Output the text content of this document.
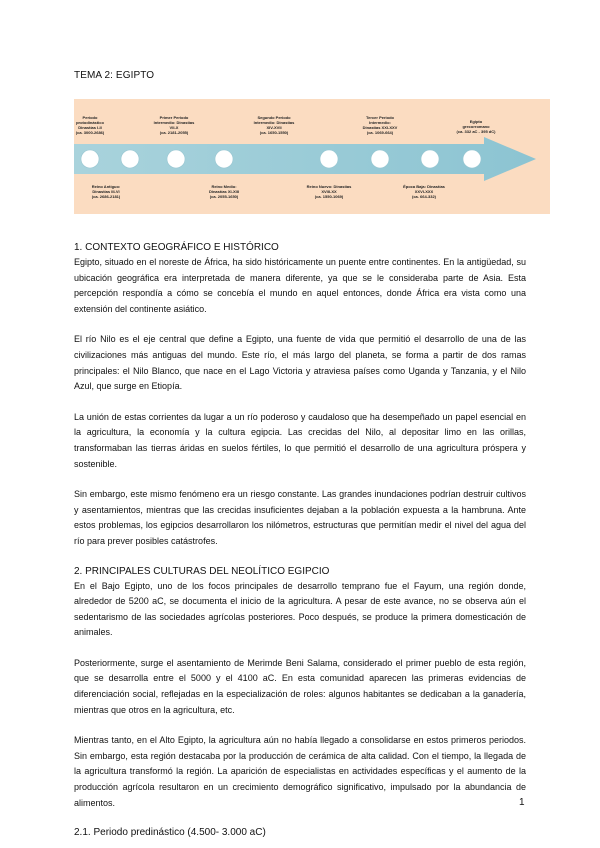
TEMA 2: EGIPTO
Periodo
protodinástico
Dinastías I-II
(ca. 3000-2686)
Primer Periodo
Intermedio: Dinastías
VII-X
(ca. 2181-2055)
Segundo Periodo
Intermedio: Dinastías
XIV-XVII
(ca. 1650-1550)
Tercer Periodo
Intermedio:
Dinastías XXI-XXV
(ca. 1069-664)
Egipto
grecorromano
(ca. 332 aC - 395 dC)
Reino Antiguo:
Dinastías III-VI
(ca. 2686-2181)
Reino Medio:
Dinastías XI-XIII
(ca. 2055-1650)
Reino Nuevo: Dinastías
XVIII-XX
(ca. 1550-1069)
Época Baja: Dinastías
XXVI-XXX
(ca. 664-332)
1. CONTEXTO GEOGRÁFICO E HISTÓRICO

Egipto, situado en el noreste de África, ha sido históricamente un puente entre continentes. En la antigüedad, su ubicación geográfica era interpretada de manera diferente, ya que se le consideraba parte de Asia. Esta percepción respondía a cómo se concebía el mundo en aquel entonces, donde África era vista como una extensión del continente asiático.

El río Nilo es el eje central que define a Egipto, una fuente de vida que permitió el desarrollo de una de las civilizaciones más antiguas del mundo. Este río, el más largo del planeta, se forma a partir de dos ramas principales: el Nilo Blanco, que nace en el Lago Victoria y atraviesa países como Uganda y Tanzania, y el Nilo Azul, que surge en Etiopía.

La unión de estas corrientes da lugar a un río poderoso y caudaloso que ha desempeñado un papel esencial en la agricultura, la economía y la cultura egipcia. Las crecidas del Nilo, al depositar limo en las orillas, transformaban las tierras áridas en suelos fértiles, lo que permitió el desarrollo de una agricultura próspera y sostenible.

Sin embargo, este mismo fenómeno era un riesgo constante. Las grandes inundaciones podrían destruir cultivos y asentamientos, mientras que las crecidas insuficientes dejaban a la población expuesta a la hambruna. Ante estos problemas, los egipcios desarrollaron los nilómetros, estructuras que permitían medir el nivel del agua del río para prever posibles catástrofes.

2. PRINCIPALES CULTURAS DEL NEOLÍTICO EGIPCIO

En el Bajo Egipto, uno de los focos principales de desarrollo temprano fue el Fayum, una región donde, alrededor de 5200 aC, se documenta el inicio de la agricultura. A pesar de este avance, no se observa aún el sedentarismo de las sociedades agrícolas posteriores. Poco después, se produce la primera domesticación de animales.

Posteriormente, surge el asentamiento de Merimde Beni Salama, considerado el primer pueblo de esta región, que se desarrolla entre el 5000 y el 4100 aC. En esta comunidad aparecen las primeras evidencias de diferenciación social, reflejadas en la especialización de roles: algunos habitantes se dedicaban a la ganadería, mientras que otros en la agricultura, etc.

Mientras tanto, en el Alto Egipto, la agricultura aún no había llegado a consolidarse en estos primeros periodos. Sin embargo, esta región destacaba por la producción de cerámica de alta calidad. Con el tiempo, la llegada de la agricultura transformó la región. La aparición de especialistas en actividades específicas y el aumento de la producción agrícola resultaron en un crecimiento demográfico significativo, impulsado por la abundancia de alimentos.

2.1. Periodo predinástico (4.500- 3.000 aC)
1
